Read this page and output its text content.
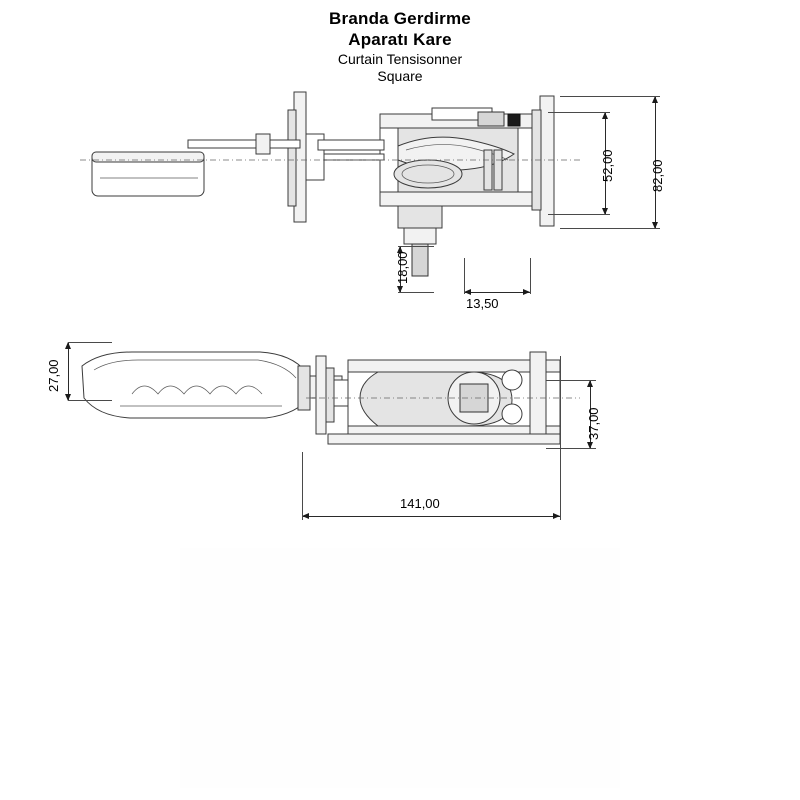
Branda Gerdirme
Aparatı Kare
Curtain Tensisonner
Square
82,00
52,00
18,00
13,50
27,00
37,00
141,00
